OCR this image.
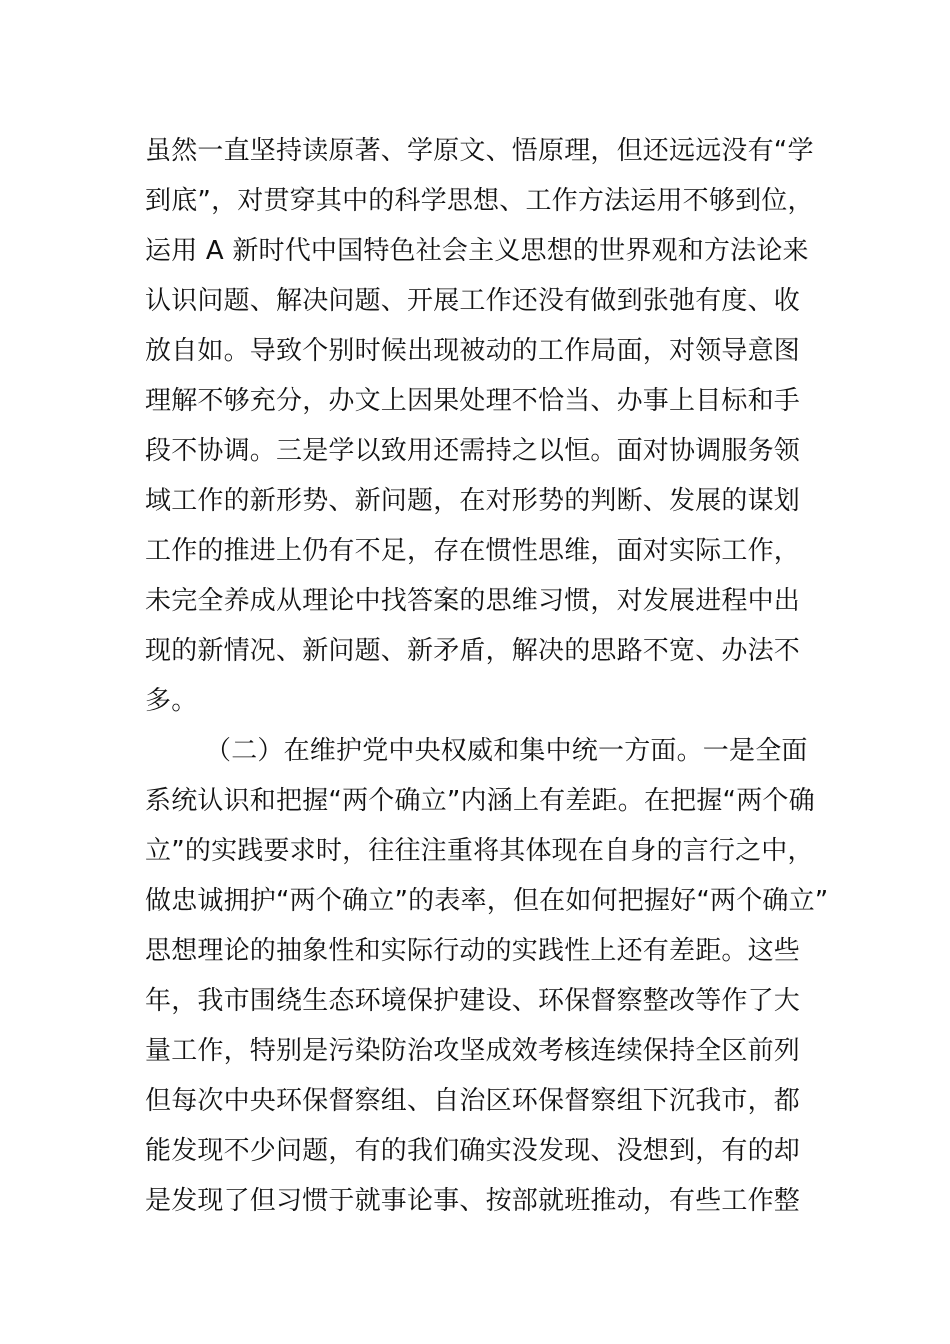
虽然一直坚持读原著、学原文、悟原理，但还远远没有“学
到底”，对贯穿其中的科学思想、工作方法运用不够到位，
运用 A 新时代中国特色社会主义思想的世界观和方法论来
认识问题、解决问题、开展工作还没有做到张弛有度、收
放自如。导致个别时候出现被动的工作局面，对领导意图
理解不够充分，办文上因果处理不恰当、办事上目标和手
段不协调。三是学以致用还需持之以恒。面对协调服务领
域工作的新形势、新问题，在对形势的判断、发展的谋划
工作的推进上仍有不足，存在惯性思维，面对实际工作，
未完全养成从理论中找答案的思维习惯，对发展进程中出
现的新情况、新问题、新矛盾，解决的思路不宽、办法不
多。
（二）在维护党中央权威和集中统一方面。一是全面
系统认识和把握“两个确立”内涵上有差距。在把握“两个确
立”的实践要求时，往往注重将其体现在自身的言行之中，
做忠诚拥护“两个确立”的表率，但在如何把握好“两个确立”
思想理论的抽象性和实际行动的实践性上还有差距。这些
年，我市围绕生态环境保护建设、环保督察整改等作了大
量工作，特别是污染防治攻坚成效考核连续保持全区前列
但每次中央环保督察组、自治区环保督察组下沉我市，都
能发现不少问题，有的我们确实没发现、没想到，有的却
是发现了但习惯于就事论事、按部就班推动，有些工作整
